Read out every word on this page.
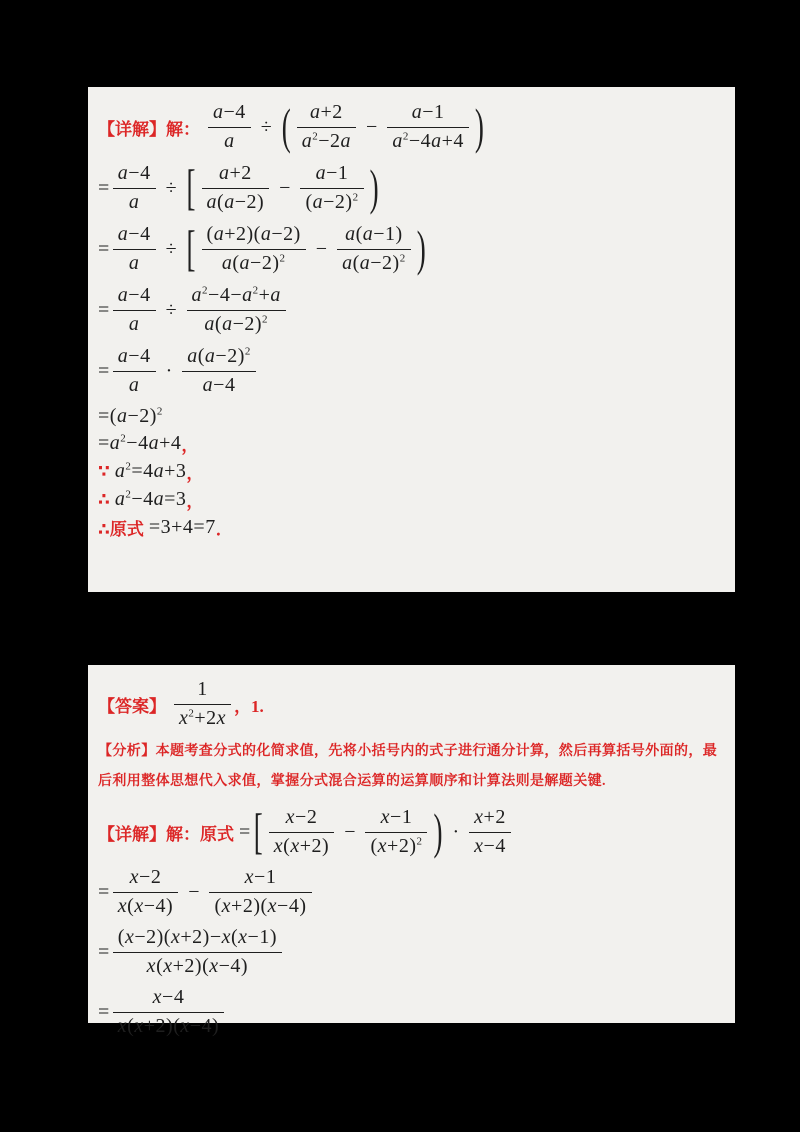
【详解】解： $\frac{a-4}{a}$ ÷ ( $\frac{a+2}{a^2-2a} - \frac{a-1}{a^2-4a+4}$ )
= $\frac{a-4}{a}$ ÷ [ $\frac{a+2}{a(a-2)} - \frac{a-1}{(a-2)^2}$ )
= $\frac{a-4}{a}$ ÷ [ $\frac{(a+2)(a-2)}{a(a-2)^2} - \frac{a(a-1)}{a(a-2)^2}$ )
= $\frac{a-4}{a} \div \frac{a^2-4-a^2+a}{a(a-2)^2}$
= $\frac{a-4}{a} \cdot \frac{a(a-2)^2}{a-4}$
$=(a-2)^2$
$=a^2-4a+4$ ，
∵ $a^2=4a+3$ ，
∴ $a^2-4a=3$ ，
∴原式 =3+4=7 ．
【答案】 $\frac{1}{x^2+2x}$ ，1.

【分析】本题考查分式的化简求值，先将小括号内的式子进行通分计算，然后再算括号外面的，最后利用整体思想代入求值，掌握分式混合运算的运算顺序和计算法则是解题关键.

【详解】解：原式 = [ $\frac{x-2}{x(x+2)} - \frac{x-1}{(x+2)^2}$ ) · $\frac{x+2}{x-4}$
= $\frac{x-2}{x(x-4)} - \frac{x-1}{(x+2)(x-4)}$
= $\frac{(x-2)(x+2)-x(x-1)}{x(x+2)(x-4)}$
= $\frac{x-4}{x(x+2)(x-4)}$
